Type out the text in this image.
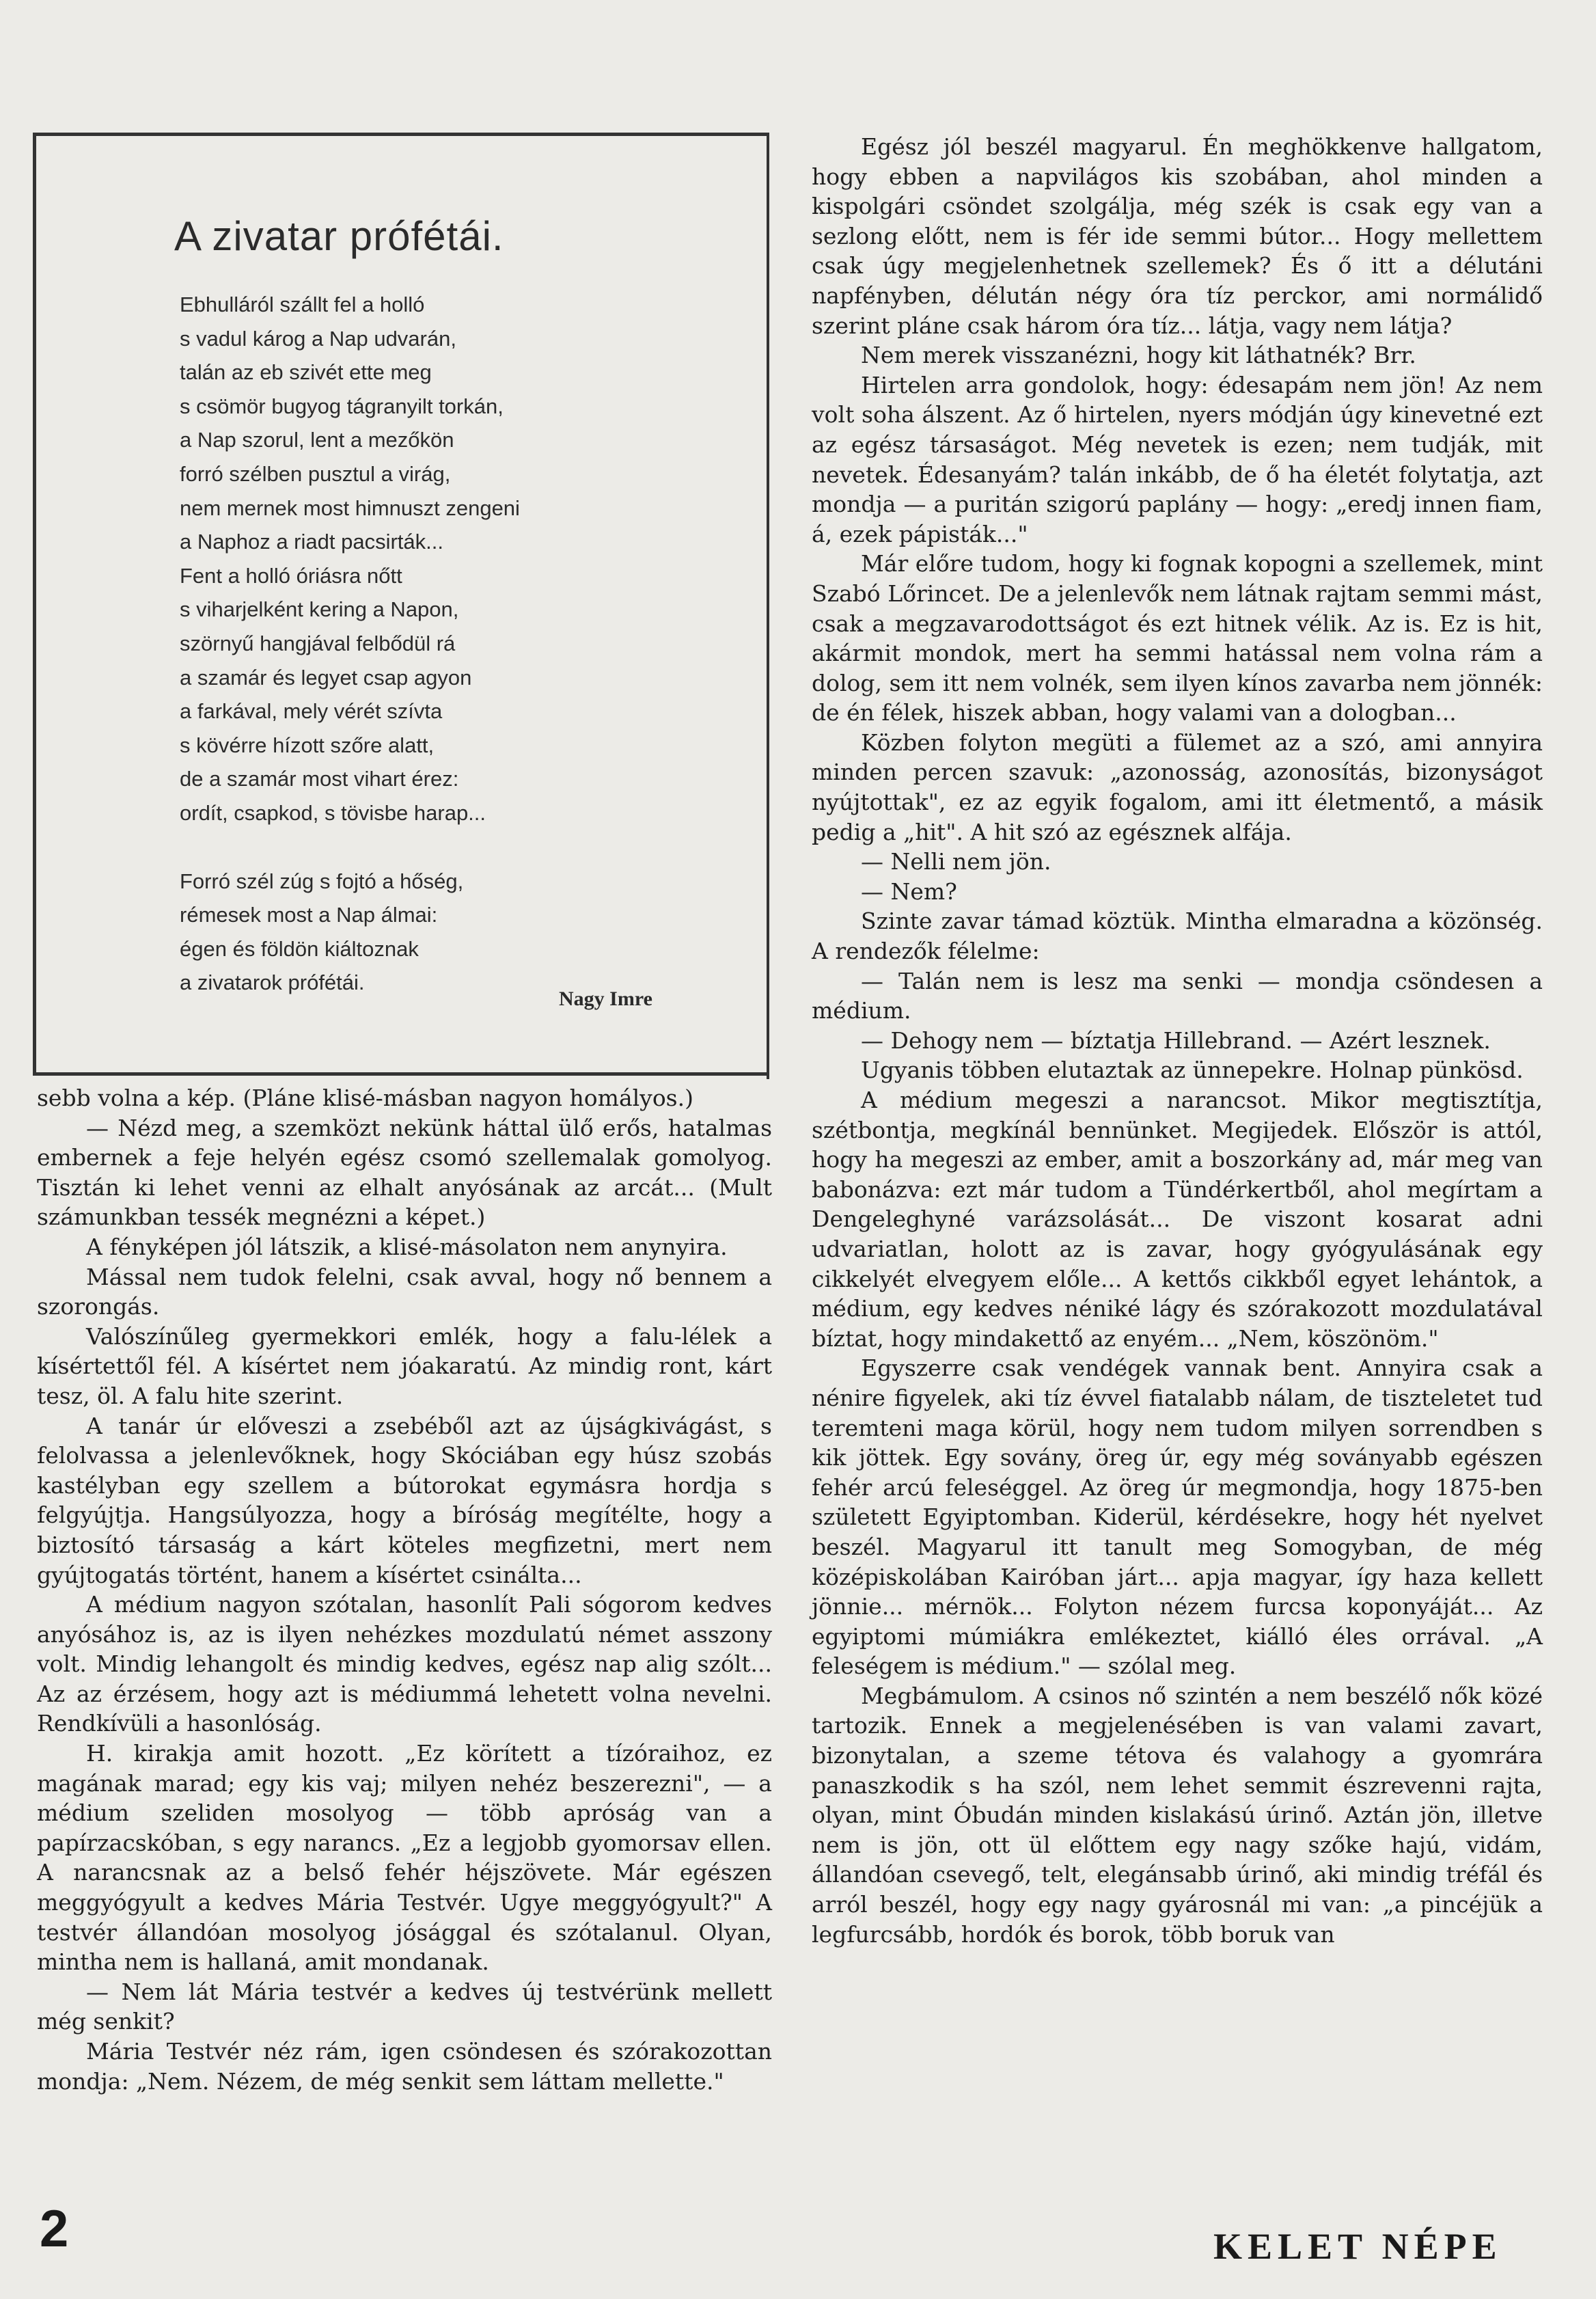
A zivatar prófétái.
Ebhulláról szállt fel a holló
s vadul károg a Nap udvarán,
talán az eb szivét ette meg
s csömör bugyog tágranyilt torkán,
a Nap szorul, lent a mezőkön
forró szélben pusztul a virág,
nem mernek most himnuszt zengeni
a Naphoz a riadt pacsirták...
Fent a holló óriásra nőtt
s viharjelként kering a Napon,
szörnyű hangjával felbődül rá
a szamár és legyet csap agyon
a farkával, mely vérét szívta
s kövérre hízott szőre alatt,
de a szamár most vihart érez:
ordít, csapkod, s tövisbe harap...
Forró szél zúg s fojtó a hőség,
rémesek most a Nap álmai:
égen és földön kiáltoznak
a zivatarok prófétái.
Nagy Imre

sebb volna a kép. (Pláne klisé-másban nagyon homályos.)

— Nézd meg, a szemközt nekünk háttal ülő erős, hatalmas embernek a feje helyén egész csomó szellemalak gomolyog. Tisztán ki lehet venni az elhalt anyósának az arcát... (Mult számunkban tessék megnézni a képet.)

A fényképen jól látszik, a klisé-másolaton nem anynyira.

Mással nem tudok felelni, csak avval, hogy nő bennem a szorongás.

Valószínűleg gyermekkori emlék, hogy a falu-lélek a kísértettől fél. A kísértet nem jóakaratú. Az mindig ront, kárt tesz, öl. A falu hite szerint.

A tanár úr előveszi a zsebéből azt az újságkivágást, s felolvassa a jelenlevőknek, hogy Skóciában egy húsz szobás kastélyban egy szellem a bútorokat egymásra hordja s felgyújtja. Hangsúlyozza, hogy a bíróság megítélte, hogy a biztosító társaság a kárt köteles megfizetni, mert nem gyújtogatás történt, hanem a kísértet csinálta...

A médium nagyon szótalan, hasonlít Pali sógorom kedves anyósához is, az is ilyen nehézkes mozdulatú német asszony volt. Mindig lehangolt és mindig kedves, egész nap alig szólt... Az az érzésem, hogy azt is médiummá lehetett volna nevelni. Rendkívüli a hasonlóság.

H. kirakja amit hozott. „Ez körített a tízóraihoz, ez magának marad; egy kis vaj; milyen nehéz beszerezni", — a médium szeliden mosolyog — több apróság van a papírzacskóban, s egy narancs. „Ez a legjobb gyomorsav ellen. A narancsnak az a belső fehér héjszövete. Már egészen meggyógyult a kedves Mária Testvér. Ugye meggyógyult?" A testvér állandóan mosolyog jósággal és szótalanul. Olyan, mintha nem is hallaná, amit mondanak.

— Nem lát Mária testvér a kedves új testvérünk mellett még senkit?

Mária Testvér néz rám, igen csöndesen és szórakozottan mondja: „Nem. Nézem, de még senkit sem láttam mellette."

Egész jól beszél magyarul. Én meghökkenve hallgatom, hogy ebben a napvilágos kis szobában, ahol minden a kispolgári csöndet szolgálja, még szék is csak egy van a sezlong előtt, nem is fér ide semmi bútor... Hogy mellettem csak úgy megjelenhetnek szellemek? És ő itt a délutáni napfényben, délután négy óra tíz perckor, ami normálidő szerint pláne csak három óra tíz... látja, vagy nem látja?

Nem merek visszanézni, hogy kit láthatnék? Brr.

Hirtelen arra gondolok, hogy: édesapám nem jön! Az nem volt soha álszent. Az ő hirtelen, nyers módján úgy kinevetné ezt az egész társaságot. Még nevetek is ezen; nem tudják, mit nevetek. Édesanyám? talán inkább, de ő ha életét folytatja, azt mondja — a puritán szigorú paplány — hogy: „eredj innen fiam, á, ezek pápisták..."

Már előre tudom, hogy ki fognak kopogni a szellemek, mint Szabó Lőrincet. De a jelenlevők nem látnak rajtam semmi mást, csak a megzavarodottságot és ezt hitnek vélik. Az is. Ez is hit, akármit mondok, mert ha semmi hatással nem volna rám a dolog, sem itt nem volnék, sem ilyen kínos zavarba nem jönnék: de én félek, hiszek abban, hogy valami van a dologban...

Közben folyton megüti a fülemet az a szó, ami annyira minden percen szavuk: „azonosság, azonosítás, bizonyságot nyújtottak", ez az egyik fogalom, ami itt életmentő, a másik pedig a „hit". A hit szó az egésznek alfája.

— Nelli nem jön.

— Nem?

Szinte zavar támad köztük. Mintha elmaradna a közönség. A rendezők félelme:

— Talán nem is lesz ma senki — mondja csöndesen a médium.

— Dehogy nem — bíztatja Hillebrand. — Azért lesznek.

Ugyanis többen elutaztak az ünnepekre. Holnap pünkösd.

A médium megeszi a narancsot. Mikor megtisztítja, szétbontja, megkínál bennünket. Megijedek. Először is attól, hogy ha megeszi az ember, amit a boszorkány ad, már meg van babonázva: ezt már tudom a Tündérkertből, ahol megírtam a Dengeleghyné varázsolását... De viszont kosarat adni udvariatlan, holott az is zavar, hogy gyógyulásának egy cikkelyét elvegyem előle... A kettős cikkből egyet lehántok, a médium, egy kedves néniké lágy és szórakozott mozdulatával bíztat, hogy mindakettő az enyém... „Nem, köszönöm."

Egyszerre csak vendégek vannak bent. Annyira csak a nénire figyelek, aki tíz évvel fiatalabb nálam, de tiszteletet tud teremteni maga körül, hogy nem tudom milyen sorrendben s kik jöttek. Egy sovány, öreg úr, egy még soványabb egészen fehér arcú feleséggel. Az öreg úr megmondja, hogy 1875-ben született Egyiptomban. Kiderül, kérdésekre, hogy hét nyelvet beszél. Magyarul itt tanult meg Somogyban, de még középiskolában Kairóban járt... apja magyar, így haza kellett jönnie... mérnök... Folyton nézem furcsa koponyáját... Az egyiptomi múmiákra emlékeztet, kiálló éles orrával. „A feleségem is médium." — szólal meg.

Megbámulom. A csinos nő szintén a nem beszélő nők közé tartozik. Ennek a megjelenésében is van valami zavart, bizonytalan, a szeme tétova és valahogy a gyomrára panaszkodik s ha szól, nem lehet semmit észrevenni rajta, olyan, mint Óbudán minden kislakású úrinő. Aztán jön, illetve nem is jön, ott ül előttem egy nagy szőke hajú, vidám, állandóan csevegő, telt, elegánsabb úrinő, aki mindig tréfál és arról beszél, hogy egy nagy gyárosnál mi van: „a pincéjük a legfurcsább, hordók és borok, több boruk van

2	KELET NÉPE
